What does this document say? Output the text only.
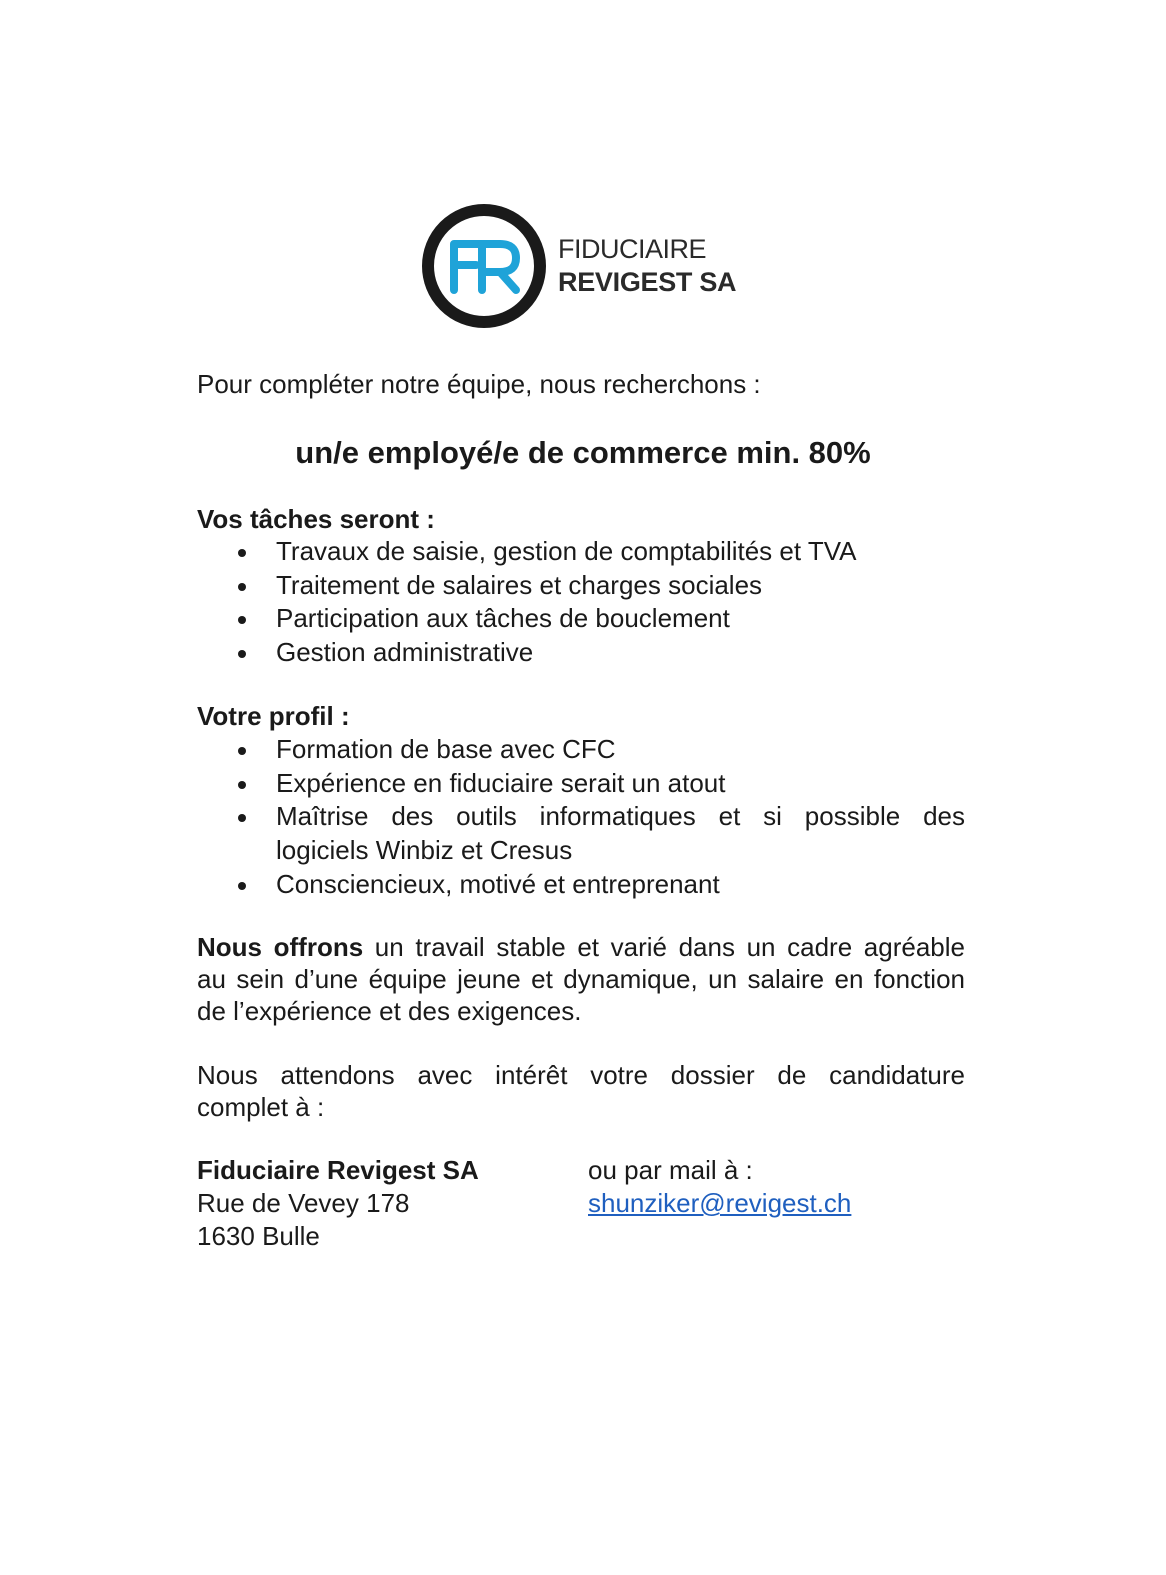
FIDUCIAIRE
REVIGEST SA
Pour compléter notre équipe, nous recherchons :
un/e employé/e de commerce min. 80%
Vos tâches seront :
Travaux de saisie, gestion de comptabilités et TVA
Traitement de salaires et charges sociales
Participation aux tâches de bouclement
Gestion administrative
Votre profil :
Formation de base avec CFC
Expérience en fiduciaire serait un atout
Maîtrise des outils informatiques et si possible des
logiciels Winbiz et Cresus
Consciencieux, motivé et entreprenant
Nous offrons un travail stable et varié dans un cadre agréable
au sein d’une équipe jeune et dynamique, un salaire en fonction
de l’expérience et des exigences.
Nous attendons avec intérêt votre dossier de candidature
complet à :
Fiduciaire Revigest SA
Rue de Vevey 178
1630 Bulle
ou par mail à :
shunziker@revigest.ch
